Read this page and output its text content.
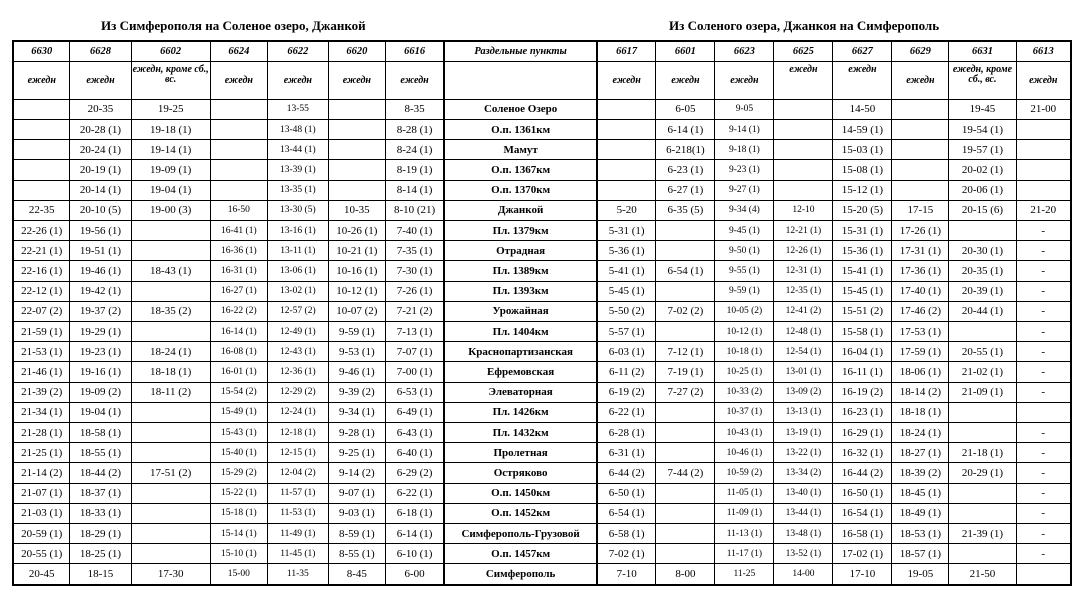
Из Симферополя на Соленое озеро, Джанкой	Из Соленого озера, Джанкоя на Симферополь
6630	6628	6602	6624	6622	6620	6616	Раздельные пункты	6617	6601	6623	6625	6627	6629	6631	6613
ежедн	ежедн	ежедн, кроме сб., вс.	ежедн	ежедн	ежедн	ежедн		ежедн	ежедн	ежедн	ежедн	ежедн	ежедн	ежедн, кроме сб., вс.	ежедн
	20-35	19-25		13-55		8-35	Соленое Озеро		6-05	9-05		14-50		19-45	21-00
	20-28 (1)	19-18 (1)		13-48 (1)		8-28 (1)	О.п. 1361км		6-14 (1)	9-14 (1)		14-59 (1)		19-54 (1)	
	20-24 (1)	19-14 (1)		13-44 (1)		8-24 (1)	Мамут		6-218(1)	9-18 (1)		15-03 (1)		19-57 (1)	
	20-19 (1)	19-09 (1)		13-39 (1)		8-19 (1)	О.п. 1367км		6-23 (1)	9-23 (1)		15-08 (1)		20-02 (1)	
	20-14 (1)	19-04 (1)		13-35 (1)		8-14 (1)	О.п. 1370км		6-27 (1)	9-27 (1)		15-12 (1)		20-06 (1)	
22-35	20-10 (5)	19-00 (3)	16-50	13-30 (5)	10-35	8-10 (21)	Джанкой	5-20	6-35 (5)	9-34 (4)	12-10	15-20 (5)	17-15	20-15 (6)	21-20
22-26 (1)	19-56 (1)		16-41 (1)	13-16 (1)	10-26 (1)	7-40 (1)	Пл. 1379км	5-31 (1)		9-45 (1)	12-21 (1)	15-31 (1)	17-26 (1)		-
22-21 (1)	19-51 (1)		16-36 (1)	13-11 (1)	10-21 (1)	7-35 (1)	Отрадная	5-36 (1)		9-50 (1)	12-26 (1)	15-36 (1)	17-31 (1)	20-30 (1)	-
22-16 (1)	19-46 (1)	18-43 (1)	16-31 (1)	13-06 (1)	10-16 (1)	7-30 (1)	Пл. 1389км	5-41 (1)	6-54 (1)	9-55 (1)	12-31 (1)	15-41 (1)	17-36 (1)	20-35 (1)	-
22-12 (1)	19-42 (1)		16-27 (1)	13-02 (1)	10-12 (1)	7-26 (1)	Пл. 1393км	5-45 (1)		9-59 (1)	12-35 (1)	15-45 (1)	17-40 (1)	20-39 (1)	-
22-07 (2)	19-37 (2)	18-35 (2)	16-22 (2)	12-57 (2)	10-07 (2)	7-21 (2)	Урожайная	5-50 (2)	7-02 (2)	10-05 (2)	12-41 (2)	15-51 (2)	17-46 (2)	20-44 (1)	-
21-59 (1)	19-29 (1)		16-14 (1)	12-49 (1)	9-59 (1)	7-13 (1)	Пл. 1404км	5-57 (1)		10-12 (1)	12-48 (1)	15-58 (1)	17-53 (1)		-
21-53 (1)	19-23 (1)	18-24 (1)	16-08 (1)	12-43 (1)	9-53 (1)	7-07 (1)	Краснопартизанская	6-03 (1)	7-12 (1)	10-18 (1)	12-54 (1)	16-04 (1)	17-59 (1)	20-55 (1)	-
21-46 (1)	19-16 (1)	18-18 (1)	16-01 (1)	12-36 (1)	9-46 (1)	7-00 (1)	Ефремовская	6-11 (2)	7-19 (1)	10-25 (1)	13-01 (1)	16-11 (1)	18-06 (1)	21-02 (1)	-
21-39 (2)	19-09 (2)	18-11 (2)	15-54 (2)	12-29 (2)	9-39 (2)	6-53 (1)	Элеваторная	6-19 (2)	7-27 (2)	10-33 (2)	13-09 (2)	16-19 (2)	18-14 (2)	21-09 (1)	-
21-34 (1)	19-04 (1)		15-49 (1)	12-24 (1)	9-34 (1)	6-49 (1)	Пл. 1426км	6-22 (1)		10-37 (1)	13-13 (1)	16-23 (1)	18-18 (1)		
21-28 (1)	18-58 (1)		15-43 (1)	12-18 (1)	9-28 (1)	6-43 (1)	Пл. 1432км	6-28 (1)		10-43 (1)	13-19 (1)	16-29 (1)	18-24 (1)		-
21-25 (1)	18-55 (1)		15-40 (1)	12-15 (1)	9-25 (1)	6-40 (1)	Пролетная	6-31 (1)		10-46 (1)	13-22 (1)	16-32 (1)	18-27 (1)	21-18 (1)	-
21-14 (2)	18-44 (2)	17-51 (2)	15-29 (2)	12-04 (2)	9-14 (2)	6-29 (2)	Остряково	6-44 (2)	7-44 (2)	10-59 (2)	13-34 (2)	16-44 (2)	18-39 (2)	20-29 (1)	-
21-07 (1)	18-37 (1)		15-22 (1)	11-57 (1)	9-07 (1)	6-22 (1)	О.п. 1450км	6-50 (1)		11-05 (1)	13-40 (1)	16-50 (1)	18-45 (1)		-
21-03 (1)	18-33 (1)		15-18 (1)	11-53 (1)	9-03 (1)	6-18 (1)	О.п. 1452км	6-54 (1)		11-09 (1)	13-44 (1)	16-54 (1)	18-49 (1)		-
20-59 (1)	18-29 (1)		15-14 (1)	11-49 (1)	8-59 (1)	6-14 (1)	Симферополь-Грузовой	6-58 (1)		11-13 (1)	13-48 (1)	16-58 (1)	18-53 (1)	21-39 (1)	-
20-55 (1)	18-25 (1)		15-10 (1)	11-45 (1)	8-55 (1)	6-10 (1)	О.п. 1457км	7-02 (1)		11-17 (1)	13-52 (1)	17-02 (1)	18-57 (1)		-
20-45	18-15	17-30	15-00	11-35	8-45	6-00	Симферополь	7-10	8-00	11-25	14-00	17-10	19-05	21-50	
